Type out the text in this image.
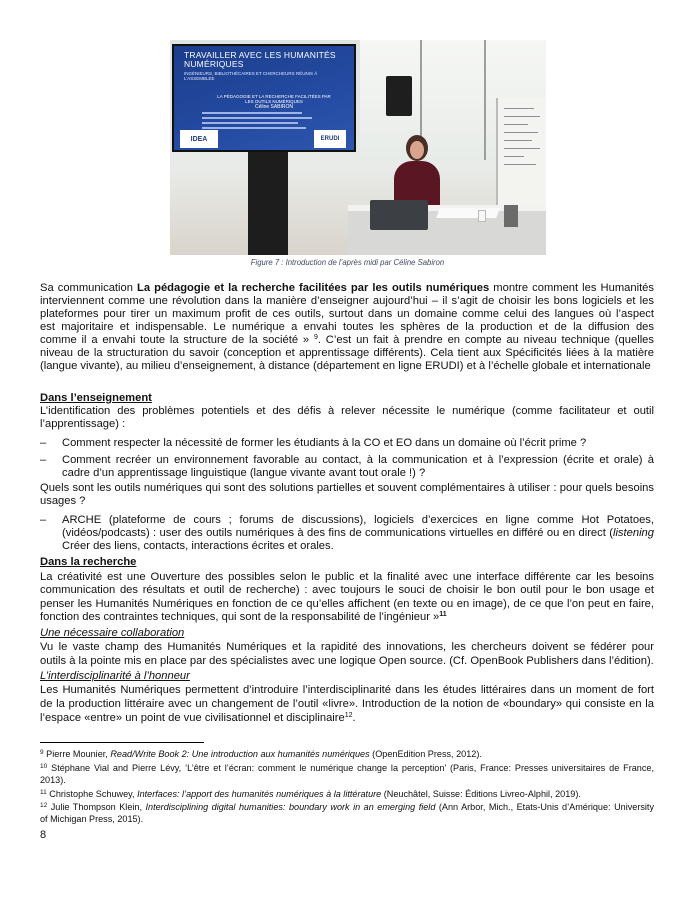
TRAVAILLER AVEC LES HUMANITÉS NUMÉRIQUES
INGÉNIEURS, BIBLIOTHÉCAIRES ET CHERCHEURS RÉUNIS À L’ASSEMBLÉE
LA PÉDAGOGIE ET LA RECHERCHE FACILITÉES PAR LES OUTILS NUMÉRIQUES
Céline SABIRON
IDEA	ERUDI
Figure 7 : Introduction de l’après midi par Céline Sabiron
Sa communication La pédagogie et la recherche facilitées par les outils numériques montre comment les Humanités
interviennent comme une révolution dans la manière d’enseigner aujourd’hui – il s’agit de choisir les bons logiciels et les
plateformes pour tirer un maximum profit de ces outils, surtout dans un domaine comme celui des langues où l’aspect
est majoritaire et indispensable. Le numérique a envahi toutes les sphères de la production et de la diffusion des
comme il a envahi toute la structure de la société » $^9$. C’est un fait à prendre en compte au niveau technique (quelles
niveau de la structuration du savoir (conception et apprentissage différents). Cela tient aux Spécificités liées à la matière
(langue vivante), au milieu d’enseignement, à distance (département en ligne ERUDI) et à l’échelle globale et internationale
Dans l’enseignement
L’identification des problèmes potentiels et des défis à relever nécessite le numérique (comme facilitateur et outil
l’apprentissage) :
– Comment respecter la nécessité de former les étudiants à la CO et EO dans un domaine où l’écrit prime ?
– Comment recréer un environnement favorable au contact, à la communication et à l’expression (écrite et orale) à
cadre d’un apprentissage linguistique (langue vivante avant tout orale !) ?
Quels sont les outils numériques qui sont des solutions partielles et souvent complémentaires à utiliser : pour quels besoins
usages ?
– ARCHE (plateforme de cours ; forums de discussions), logiciels d’exercices en ligne comme Hot Potatoes,
(vidéos/podcasts) : user des outils numériques à des fins de communications virtuelles en différé ou en direct (listening
Créer des liens, contacts, interactions écrites et orales.
Dans la recherche
La créativité est une Ouverture des possibles selon le public et la finalité avec une interface différente car les besoins
communication des résultats et outil de recherche) : avec toujours le souci de choisir le bon outil pour le bon usage et
penser les Humanités Numériques en fonction de ce qu’elles affichent (en texte ou en image), de ce que l’on peut en faire,
fonction des contraintes techniques, qui sont de la responsabilité de l’ingénieur »$^{11}$
Une nécessaire collaboration
Vu le vaste champ des Humanités Numériques et la rapidité des innovations, les chercheurs doivent se fédérer pour
outils à la pointe mis en place par des spécialistes avec une logique Open source. (Cf. OpenBook Publishers dans l’édition).
L’interdisciplinarité à l’honneur
Les Humanités Numériques permettent d’introduire l’interdisciplinarité dans les études littéraires dans un moment de fort
de la production littéraire avec un changement de l’outil «livre». Introduction de la notion de «boundary» qui consiste en la
l’espace «entre» un point de vue civilisationnel et disciplinaire$^{12}$.
$^9$ Pierre Mounier, Read/Write Book 2: Une introduction aux humanités numériques (OpenEdition Press, 2012).
$^{10}$ Stéphane Vial and Pierre Lévy, ‘L’être et l’écran: comment le numérique change la perception’ (Paris, France: Presses universitaires de France,
2013).
$^{11}$ Christophe Schuwey, Interfaces: l’apport des humanités numériques à la littérature (Neuchâtel, Suisse: Éditions Livreo-Alphil, 2019).
$^{12}$ Julie Thompson Klein, Interdisciplining digital humanities: boundary work in an emerging field (Ann Arbor, Mich., Etats-Unis d’Amérique: University
of Michigan Press, 2015).
8
